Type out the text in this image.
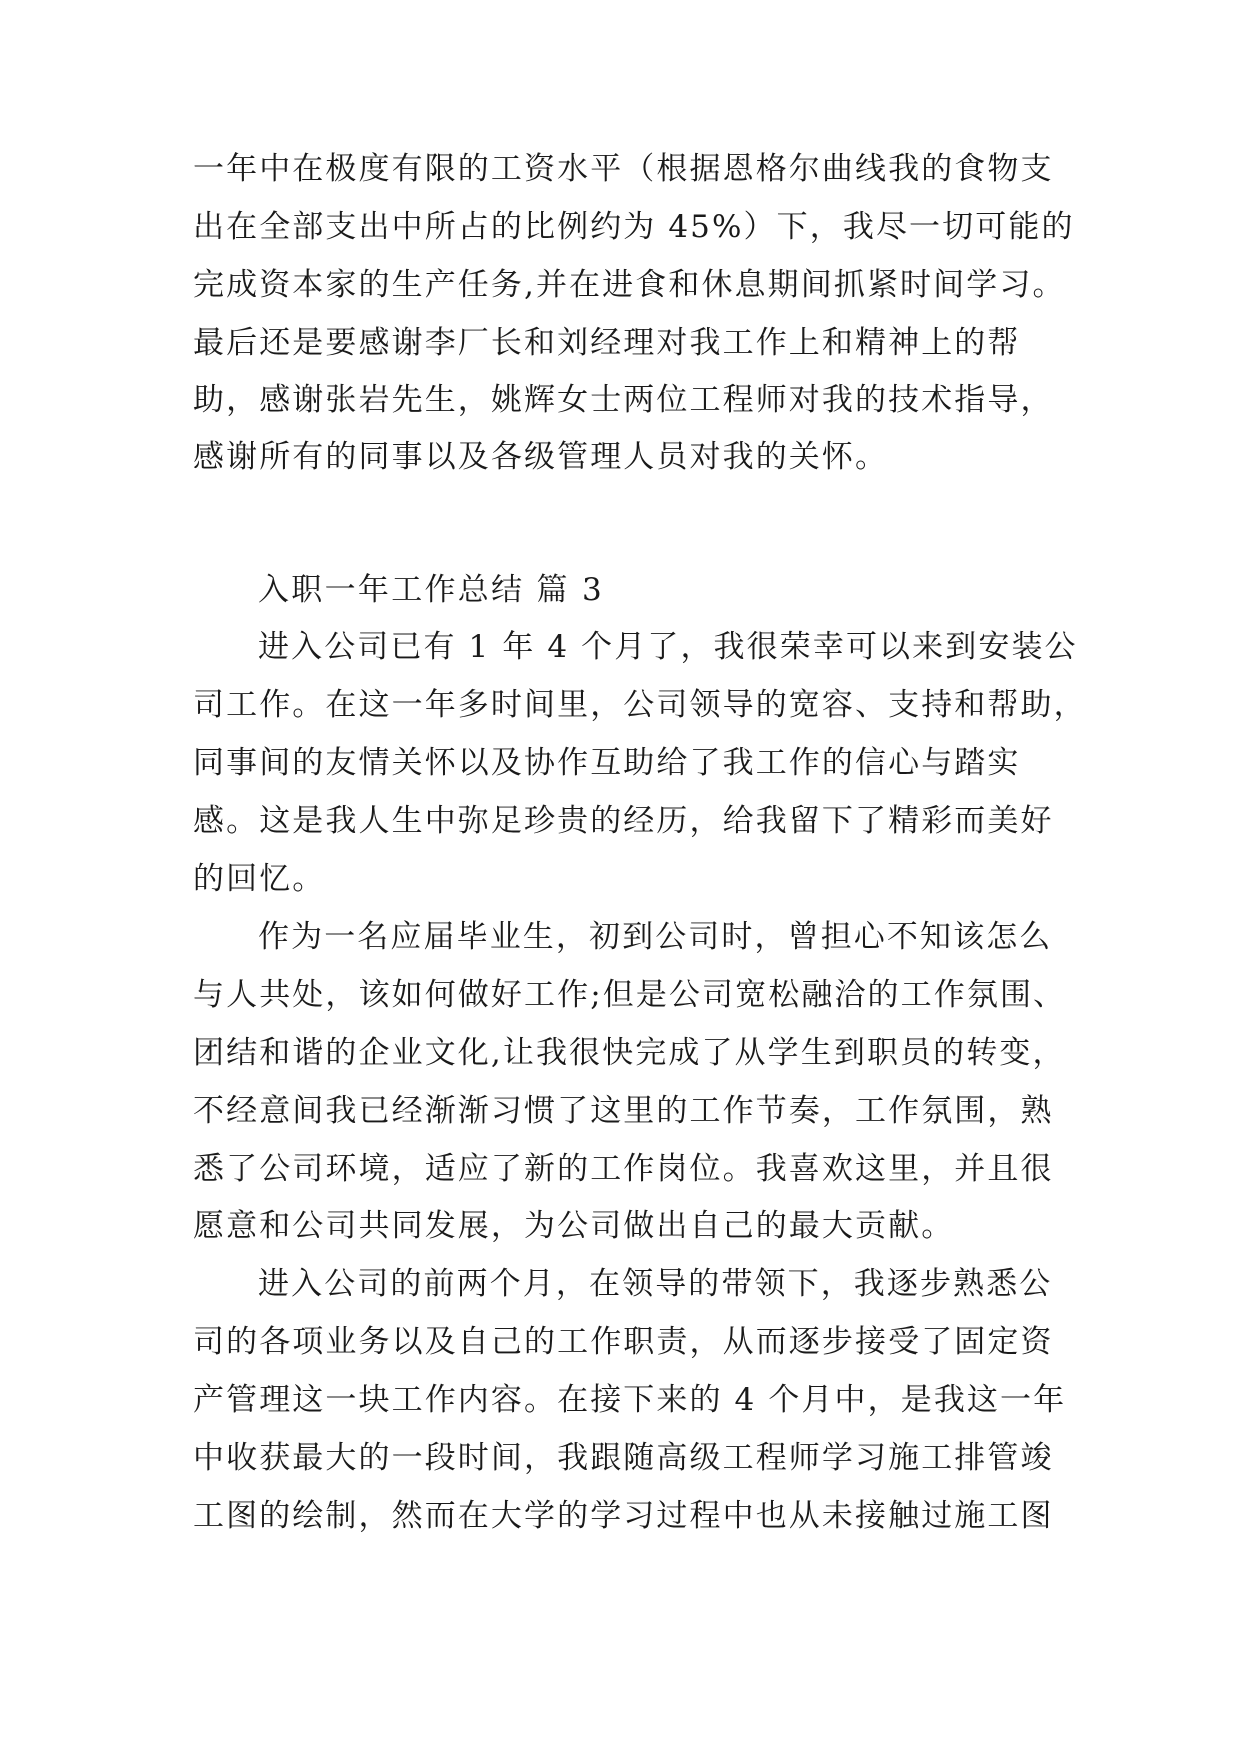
一年中在极度有限的工资水平（根据恩格尔曲线我的食物支
出在全部支出中所占的比例约为 45%）下，我尽一切可能的
完成资本家的生产任务,并在进食和休息期间抓紧时间学习。
最后还是要感谢李厂长和刘经理对我工作上和精神上的帮
助，感谢张岩先生，姚辉女士两位工程师对我的技术指导，
感谢所有的同事以及各级管理人员对我的关怀。
入职一年工作总结 篇 3
进入公司已有 1 年 4 个月了，我很荣幸可以来到安装公
司工作。在这一年多时间里，公司领导的宽容、支持和帮助，
同事间的友情关怀以及协作互助给了我工作的信心与踏实
感。这是我人生中弥足珍贵的经历，给我留下了精彩而美好
的回忆。
作为一名应届毕业生，初到公司时，曾担心不知该怎么
与人共处，该如何做好工作;但是公司宽松融洽的工作氛围、
团结和谐的企业文化,让我很快完成了从学生到职员的转变，
不经意间我已经渐渐习惯了这里的工作节奏，工作氛围，熟
悉了公司环境，适应了新的工作岗位。我喜欢这里，并且很
愿意和公司共同发展，为公司做出自己的最大贡献。
进入公司的前两个月，在领导的带领下，我逐步熟悉公
司的各项业务以及自己的工作职责，从而逐步接受了固定资
产管理这一块工作内容。在接下来的 4 个月中，是我这一年
中收获最大的一段时间，我跟随高级工程师学习施工排管竣
工图的绘制，然而在大学的学习过程中也从未接触过施工图
